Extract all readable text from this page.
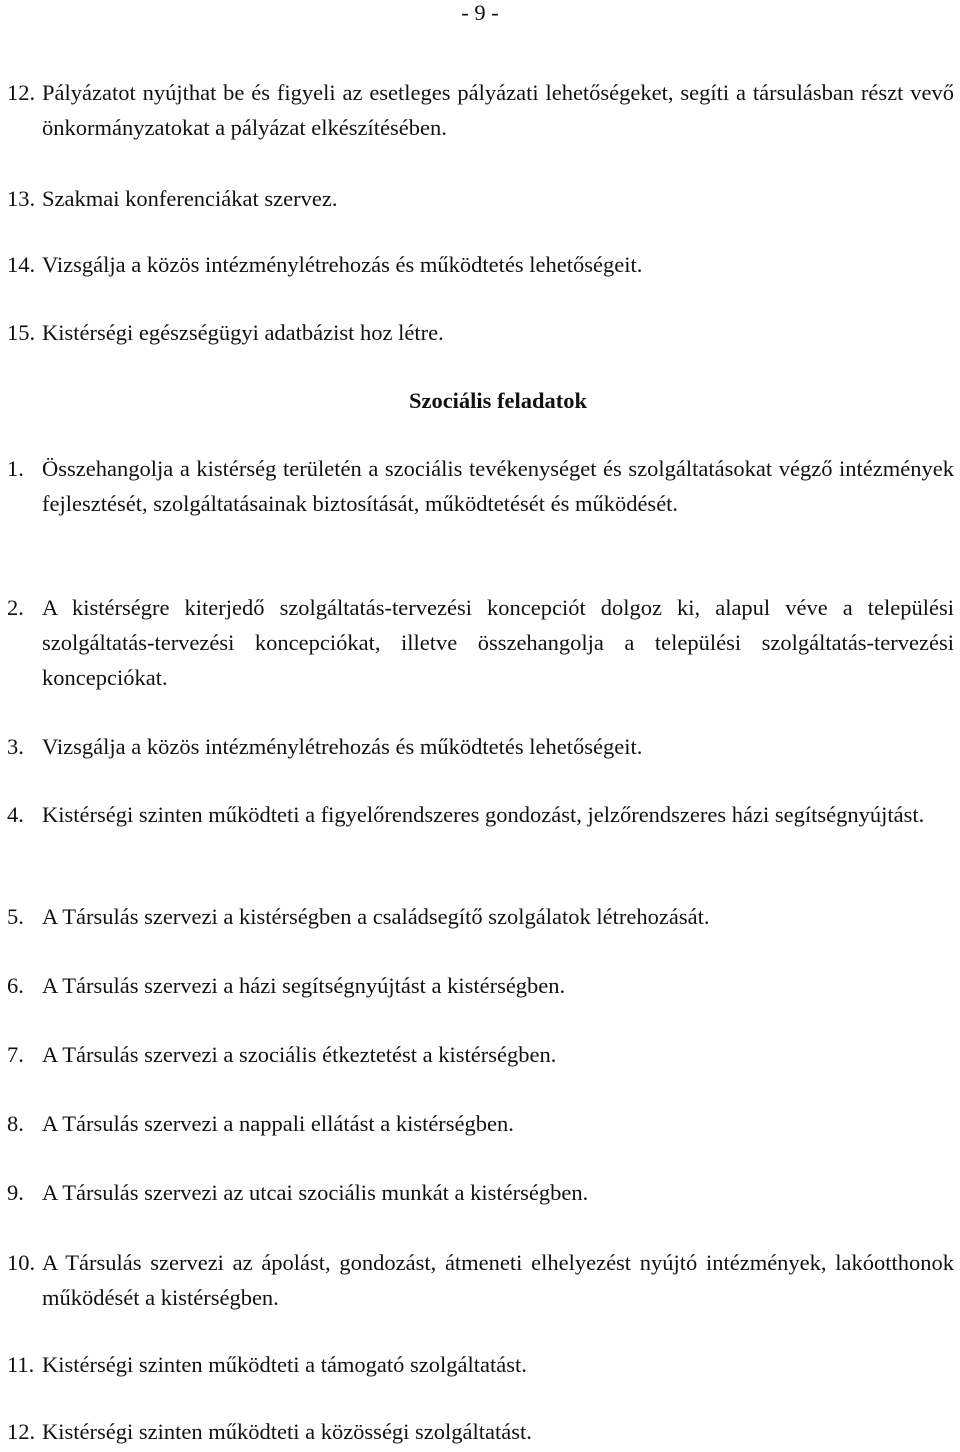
- 9 -
12. Pályázatot nyújthat be és figyeli az esetleges pályázati lehetőségeket, segíti a társulásban részt vevő önkormányzatokat a pályázat elkészítésében.
13. Szakmai konferenciákat szervez.
14. Vizsgálja a közös intézménylétrehozás és működtetés lehetőségeit.
15. Kistérségi egészségügyi adatbázist hoz létre.
Szociális feladatok
1. Összehangolja a kistérség területén a szociális tevékenységet és szolgáltatásokat végző intézmények fejlesztését, szolgáltatásainak biztosítását, működtetését és működését.
2. A kistérségre kiterjedő szolgáltatás-tervezési koncepciót dolgoz ki, alapul véve a települési szolgáltatás-tervezési koncepciókat, illetve összehangolja a települési szolgáltatás-tervezési koncepciókat.
3. Vizsgálja a közös intézménylétrehozás és működtetés lehetőségeit.
4. Kistérségi szinten működteti a figyelőrendszeres gondozást, jelzőrendszeres házi segítségnyújtást.
5. A Társulás szervezi a kistérségben a családsegítő szolgálatok létrehozását.
6. A Társulás szervezi a házi segítségnyújtást a kistérségben.
7. A Társulás szervezi a szociális étkeztetést a kistérségben.
8. A Társulás szervezi a nappali ellátást a kistérségben.
9. A Társulás szervezi az utcai szociális munkát a kistérségben.
10. A Társulás szervezi az ápolást, gondozást, átmeneti elhelyezést nyújtó intézmények, lakóotthonok működését a kistérségben.
11. Kistérségi szinten működteti a támogató szolgáltatást.
12. Kistérségi szinten működteti a közösségi szolgáltatást.
